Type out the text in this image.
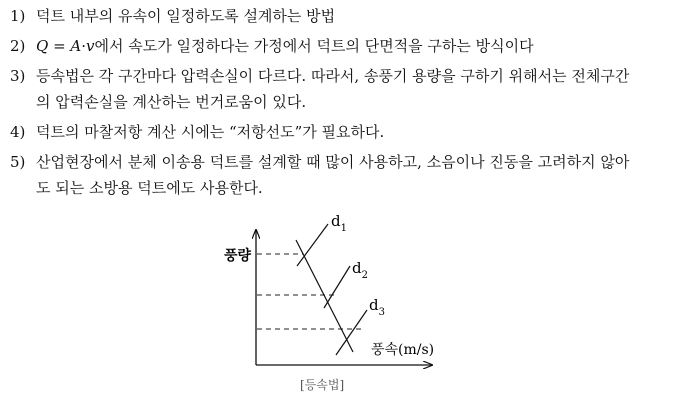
1) 덕트 내부의 유속이 일정하도록 설계하는 방법
2) Q = A·v에서 속도가 일정하다는 가정에서 덕트의 단면적을 구하는 방식이다
3) 등속법은 각 구간마다 압력손실이 다르다. 따라서, 송풍기 용량을 구하기 위해서는 전체구간
의 압력손실을 계산하는 번거로움이 있다.
4) 덕트의 마찰저항 계산 시에는 “저항선도”가 필요하다.
5) 산업현장에서 분체 이송용 덕트를 설계할 때 많이 사용하고, 소음이나 진동을 고려하지 않아
도 되는 소방용 덕트에도 사용한다.
풍량
풍속(m/s)
$d_1$
$d_2$
$d_3$
[등속법]
